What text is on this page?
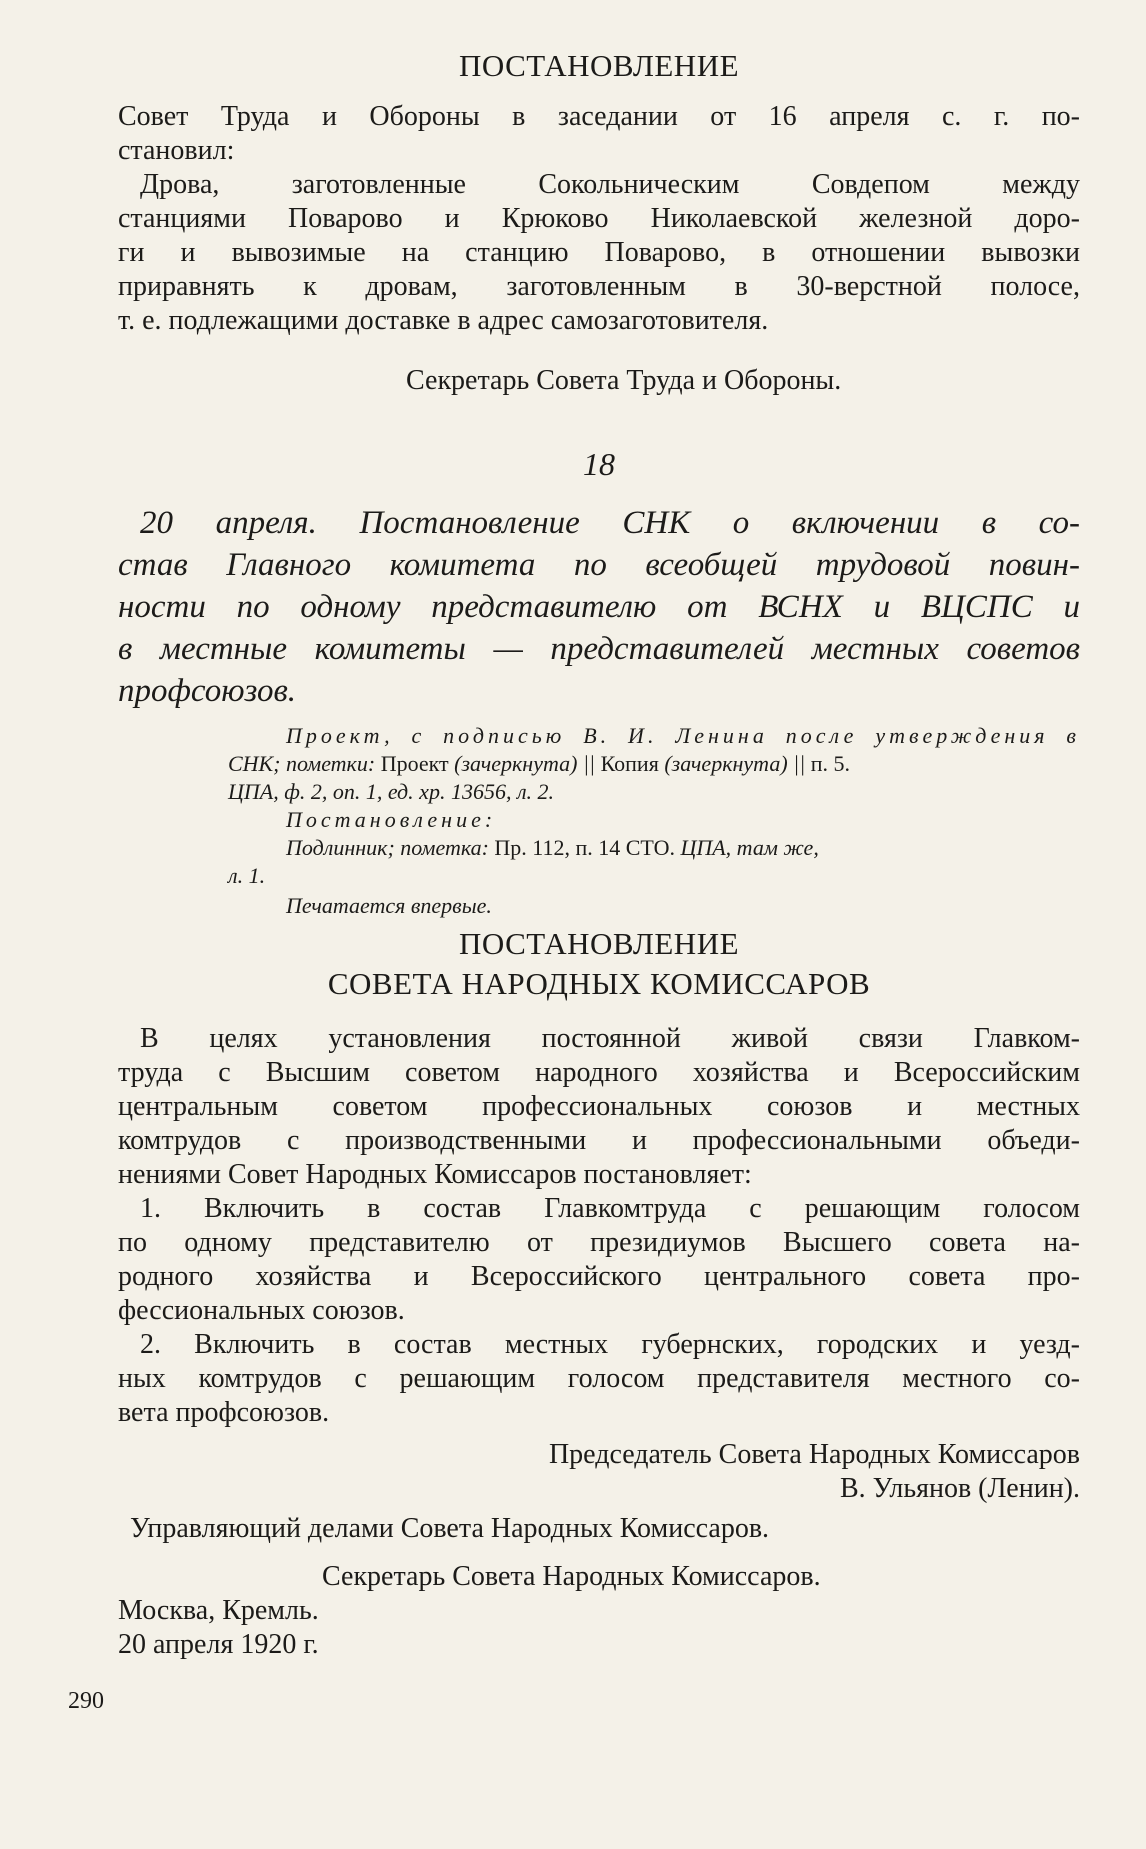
ПОСТАНОВЛЕНИЕ
Совет Труда и Обороны в заседании от 16 апреля с. г. по-
становил:
Дрова, заготовленные Сокольническим Совдепом между
станциями Поварово и Крюково Николаевской железной доро-
ги и вывозимые на станцию Поварово, в отношении вывозки
приравнять к дровам, заготовленным в 30-верстной полосе,
т. е. подлежащими доставке в адрес самозаготовителя.
Секретарь Совета Труда и Обороны.
18
20 апреля. Постановление СНК о включении в со-
став Главного комитета по всеобщей трудовой повин-
ности по одному представителю от ВСНХ и ВЦСПС и
в местные комитеты — представителей местных советов
профсоюзов.
Проект, с подписью В. И. Ленина после утверждения в
СНК; пометки: Проект (зачеркнута) || Копия (зачеркнута) || п. 5.
ЦПА, ф. 2, оп. 1, ед. хр. 13656, л. 2.
Постановление:
Подлинник; пометка: Пр. 112, п. 14 СТО. ЦПА, там же,
л. 1.
Печатается впервые.
ПОСТАНОВЛЕНИЕ
СОВЕТА НАРОДНЫХ КОМИССАРОВ
В целях установления постоянной живой связи Главком-
труда с Высшим советом народного хозяйства и Всероссийским
центральным советом профессиональных союзов и местных
комтрудов с производственными и профессиональными объеди-
нениями Совет Народных Комиссаров постановляет:
1. Включить в состав Главкомтруда с решающим голосом
по одному представителю от президиумов Высшего совета на-
родного хозяйства и Всероссийского центрального совета про-
фессиональных союзов.
2. Включить в состав местных губернских, городских и уезд-
ных комтрудов с решающим голосом представителя местного со-
вета профсоюзов.
Председатель Совета Народных Комиссаров
В. Ульянов (Ленин).
Управляющий делами Совета Народных Комиссаров.
Секретарь Совета Народных Комиссаров.
Москва, Кремль.
20 апреля 1920 г.
290
